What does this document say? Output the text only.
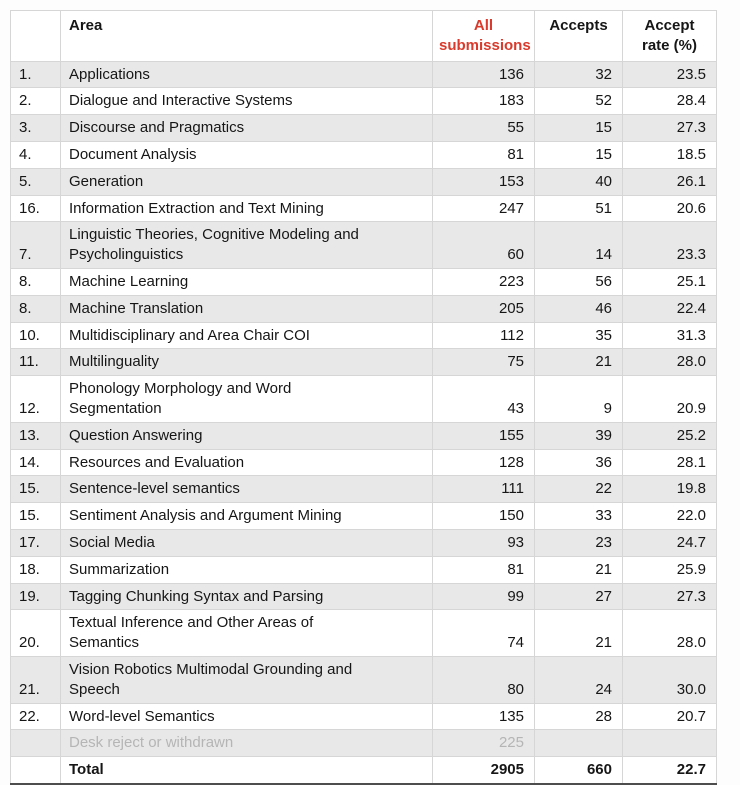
	Area	All submissions	Accepts	Accept rate (%)
1.	Applications	136	32	23.5
2.	Dialogue and Interactive Systems	183	52	28.4
3.	Discourse and Pragmatics	55	15	27.3
4.	Document Analysis	81	15	18.5
5.	Generation	153	40	26.1
16.	Information Extraction and Text Mining	247	51	20.6
7.	Linguistic Theories, Cognitive Modeling and Psycholinguistics	60	14	23.3
8.	Machine Learning	223	56	25.1
8.	Machine Translation	205	46	22.4
10.	Multidisciplinary and Area Chair COI	112	35	31.3
11.	Multilinguality	75	21	28.0
12.	Phonology Morphology and Word Segmentation	43	9	20.9
13.	Question Answering	155	39	25.2
14.	Resources and Evaluation	128	36	28.1
15.	Sentence-level semantics	111	22	19.8
15.	Sentiment Analysis and Argument Mining	150	33	22.0
17.	Social Media	93	23	24.7
18.	Summarization	81	21	25.9
19.	Tagging Chunking Syntax and Parsing	99	27	27.3
20.	Textual Inference and Other Areas of Semantics	74	21	28.0
21.	Vision Robotics Multimodal Grounding and Speech	80	24	30.0
22.	Word-level Semantics	135	28	20.7
	Desk reject or withdrawn	225		
	Total	2905	660	22.7
